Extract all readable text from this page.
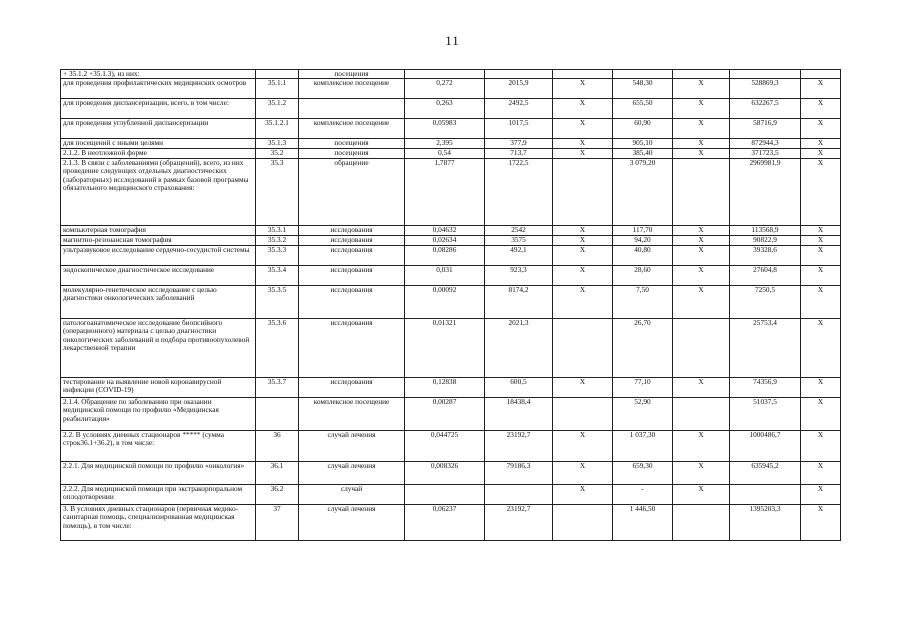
11
+ 35.1.2 +35.1.3), из них:		посещения							
для проведения профилактических медицинских осмотров	35.1.1	комплексное посещение	0,272	2015,9	X	548,30	X	528869,3	X
для проведения диспансеризации, всего, в том числе:	35.1.2		0,263	2492,5	X	655,50	X	632267,5	X
для проведения углубленной диспансеризации	35.1.2.1	комплексное посещение	0,05983	1017,5	X	60,90	X	58716,9	X
для посещений с иными целями	35.1.3	посещения	2,395	377,9	X	905,10	X	872944,3	X
2.1.2. В неотложной форме	35.2	посещения	0,54	713,7	X	385,40	X	371723,5	X
2.1.3. В связи с заболеваниями (обращений), всего, из них проведение следующих отдельных диагностических (лабораторных) исследований в рамках базовой программы обязательного медицинского страхования:	35.3	обращение	1,7877	1722,5		3 079,20		2969981,9	X
компьютерная томография	35.3.1	исследования	0,04632	2542	X	117,70	X	113568,9	X
магнитно-резонансная томография	35.3.2	исследования	0,02634	3575	X	94,20	X	90822,9	X
ультразвуковое исследование сердечно-сосудистой системы	35.3.3	исследования	0,08286	492,1	X	40,80	X	39328,6	X
эндоскопическое диагностическое исследование	35.3.4	исследования	0,031	923,3	X	28,60	X	27604,8	X
молекулярно-генетическое исследование с целью диагностики онкологических заболеваний	35.3.5	исследования	0,00092	8174,2	X	7,50	X	7250,5	X
патологоанатомическое исследование биопсийного (операционного) материала с целью диагностики онкологических заболеваний и подбора противоопухолевой лекарственной терапии	35.3.6	исследования	0,01321	2021,3		26,70		25753,4	X
тестирование на выявление новой коронавирусной инфекции (COVID-19)	35.3.7	исследования	0,12838	600,5	X	77,10	X	74356,9	X
2.1.4. Обращение по заболеванию при оказании медицинской помощи по профилю «Медицинская реабилитация»		комплексное посещение	0,00287	18438,4		52,90		51037,5	X
2.2. В условиях дневных стационаров ***** (сумма строк36.1+36.2), в том числе:	36	случай лечения	0,044725	23192,7	X	1 037,30	X	1000486,7	X
2.2.1. Для медицинской помощи по профилю «онкология»	36.1	случай лечения	0,008326	79186,3	X	659,30	X	635945,2	X
2.2.2. Для медицинской помощи при экстракорпоральном оплодотворении	36.2	случай			X	-	X		X
3. В условиях дневных стационаров (первичная медико- санитарная помощь, специализированная медицинская помощь), в том числе:	37	случай лечения	0,06237	23192,7		1 446,50		1395203,3	X
